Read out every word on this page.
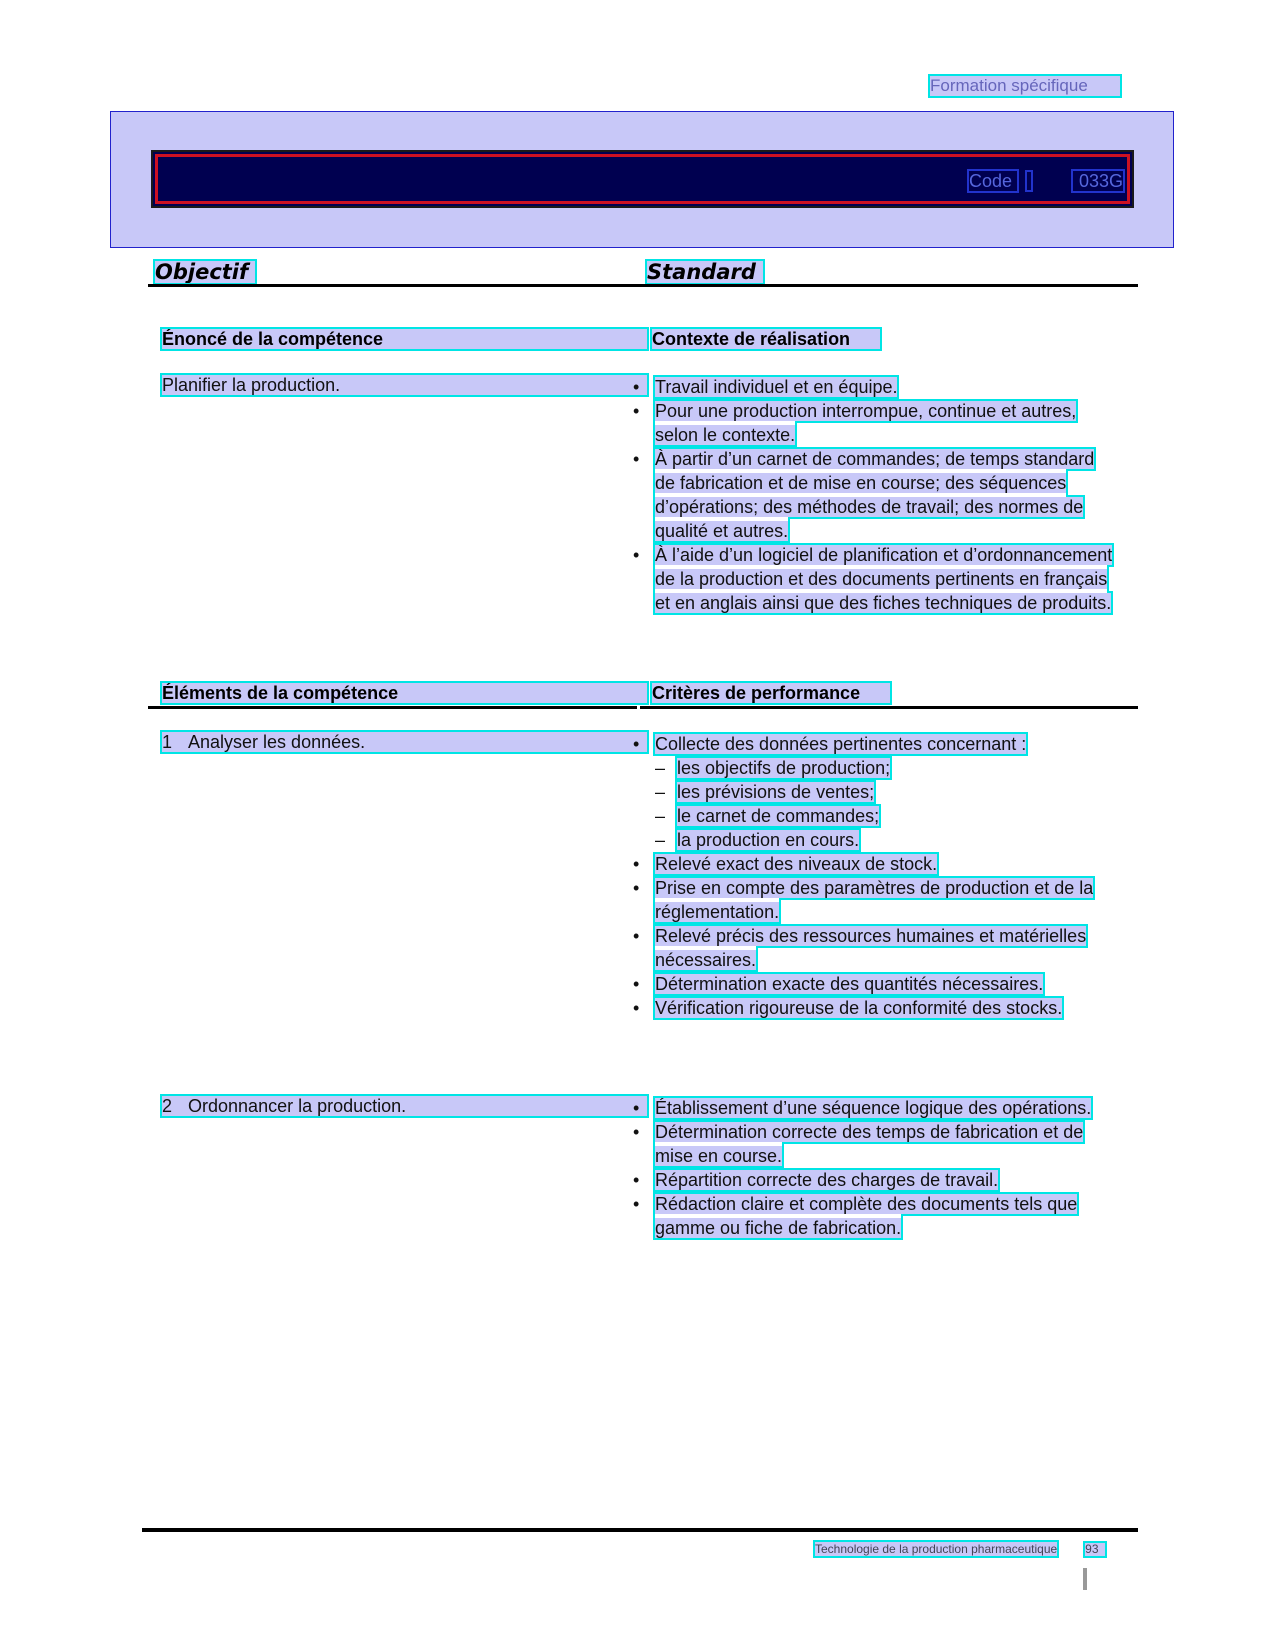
Formation spécifique
Code	033G
Objectif	Standard
Énoncé de la compétence	Contexte de réalisation
Planifier la production.	• Travail individuel et en équipe.
• Pour une production interrompue, continue et autres, selon le contexte.
• À partir d’un carnet de commandes; de temps standard de fabrication et de mise en course; des séquences d’opérations; des méthodes de travail; des normes de qualité et autres.
• À l’aide d’un logiciel de planification et d’ordonnancement de la production et des documents pertinents en français et en anglais ainsi que des fiches techniques de produits.
Éléments de la compétence	Critères de performance
1 Analyser les données.	• Collecte des données pertinentes concernant :
– les objectifs de production;
– les prévisions de ventes;
– le carnet de commandes;
– la production en cours.
• Relevé exact des niveaux de stock.
• Prise en compte des paramètres de production et de la réglementation.
• Relevé précis des ressources humaines et matérielles nécessaires.
• Détermination exacte des quantités nécessaires.
• Vérification rigoureuse de la conformité des stocks.
2 Ordonnancer la production.	• Établissement d’une séquence logique des opérations.
• Détermination correcte des temps de fabrication et de mise en course.
• Répartition correcte des charges de travail.
• Rédaction claire et complète des documents tels que gamme ou fiche de fabrication.
Technologie de la production pharmaceutique 93
